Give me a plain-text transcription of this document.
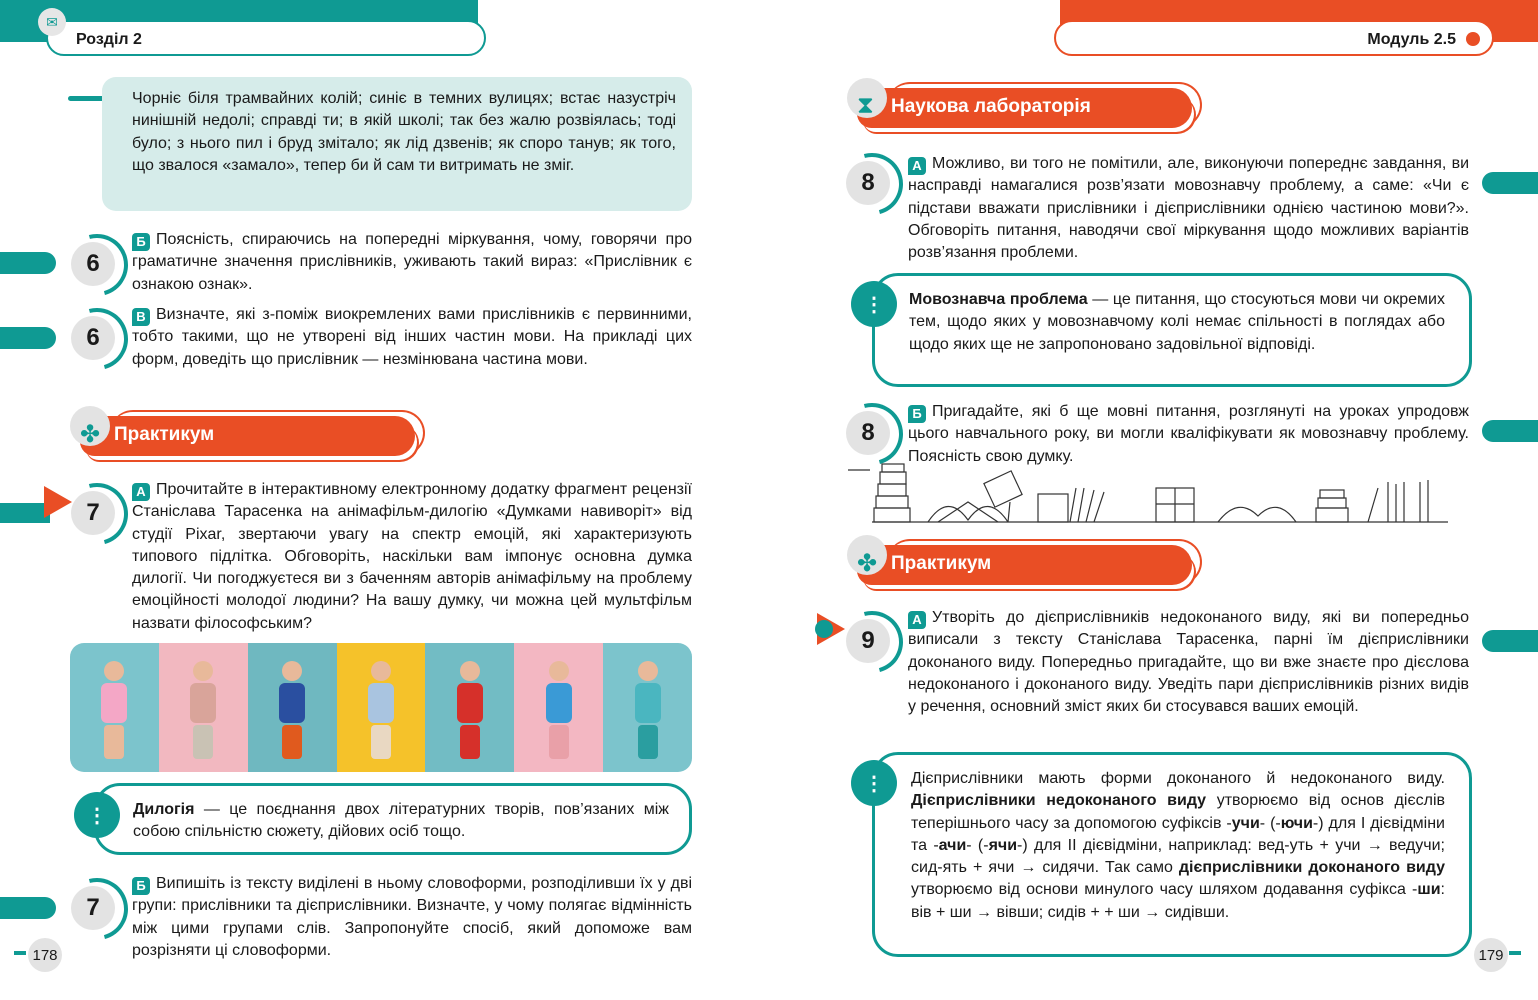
Розділ 2
✉
Чорніє біля трамвайних колій; синіє в темних вулицях; встає назустріч нинішній недолі; справді ти; в якій школі; так без жалю розвіялась; тоді було; з нього пил і бруд змітало; як лід дзвенів; як споро танув; як того, що звалося «замало», тепер би й сам ти витримать не зміг.
6
Б Поясність, спираючись на попередні міркування, чому, говорячи про граматичне значення прислівників, уживають такий вираз: «Прислівник є ознакою ознак».
6
В Визначте, які з-поміж виокремлених вами прислівників є первинними, тобто такими, що не утворені від інших частин мови. На прикладі цих форм, доведіть що прислівник — незмінювана частина мови.
✤ Практикум
7
А Прочитайте в інтерактивному електронному додатку фрагмент рецензії Станіслава Тарасенка на анімафільм-дилогію «Думками навиворіт» від студії Pixar, звертаючи увагу на спектр емоцій, які характеризують типового підлітка. Обговоріть, наскільки вам імпонує основна думка дилогії. Чи погоджуєтеся ви з баченням авторів анімафільму на проблему емоційності молодої людини? На вашу думку, чи можна цей мультфільм назвати філософським?
Дилогія — це поєднання двох літературних творів, пов’язаних між собою спільністю сюжету, дійових осіб тощо.
⋮
7
Б Випишіть із тексту виділені в ньому словоформи, розподіливши їх у дві групи: прислівники та дієприслівники. Визначте, у чому полягає відмінність між цими групами слів. Запропонуйте спосіб, який допоможе вам розрізняти ці словоформи.
178
Модуль 2.5
⧗ Наукова лабораторія
8
А Можливо, ви того не помітили, але, виконуючи попереднє завдання, ви насправді намагалися розв’язати мовознавчу проблему, а саме: «Чи є підстави вважати прислівники і дієприслівники однією частиною мови?». Обговоріть питання, наводячи свої міркування щодо можливих варіантів розв’язання проблеми.
Мовознавча проблема — це питання, що стосуються мови чи окремих тем, щодо яких у мовознавчому колі немає спільності в поглядах або щодо яких ще не запропоновано задовільної відповіді.
⋮
8
Б Пригадайте, які б ще мовні питання, розглянуті на уроках упродовж цього навчального року, ви могли кваліфікувати як мовознавчу проблему. Поясність свою думку.
✤ Практикум
9
А Утворіть до дієприслівників недоконаного виду, які ви попередньо виписали з тексту Станіслава Тарасенка, парні їм дієприслівники доконаного виду. Попередньо пригадайте, що ви вже знаєте про дієслова недоконаного і доконаного виду. Уведіть пари дієприслівників різних видів у речення, основний зміст яких би стосувався ваших емоцій.
Дієприслівники мають форми доконаного й недоконаного виду. Дієприслівники недоконаного виду утворюємо від основ дієслів теперішнього часу за допомогою суфіксів -учи- (-ючи-) для І дієвідміни та -ачи- (-ячи-) для ІІ дієвідміни, наприклад: вед-уть + учи → ведучи; сид-ять + ячи → сидячи. Так само дієприслівники доконаного виду утворюємо від основи минулого часу шляхом додавання суфікса -ши: вів + ши → вівши; сидів + + ши → сидівши.
⋮
179
